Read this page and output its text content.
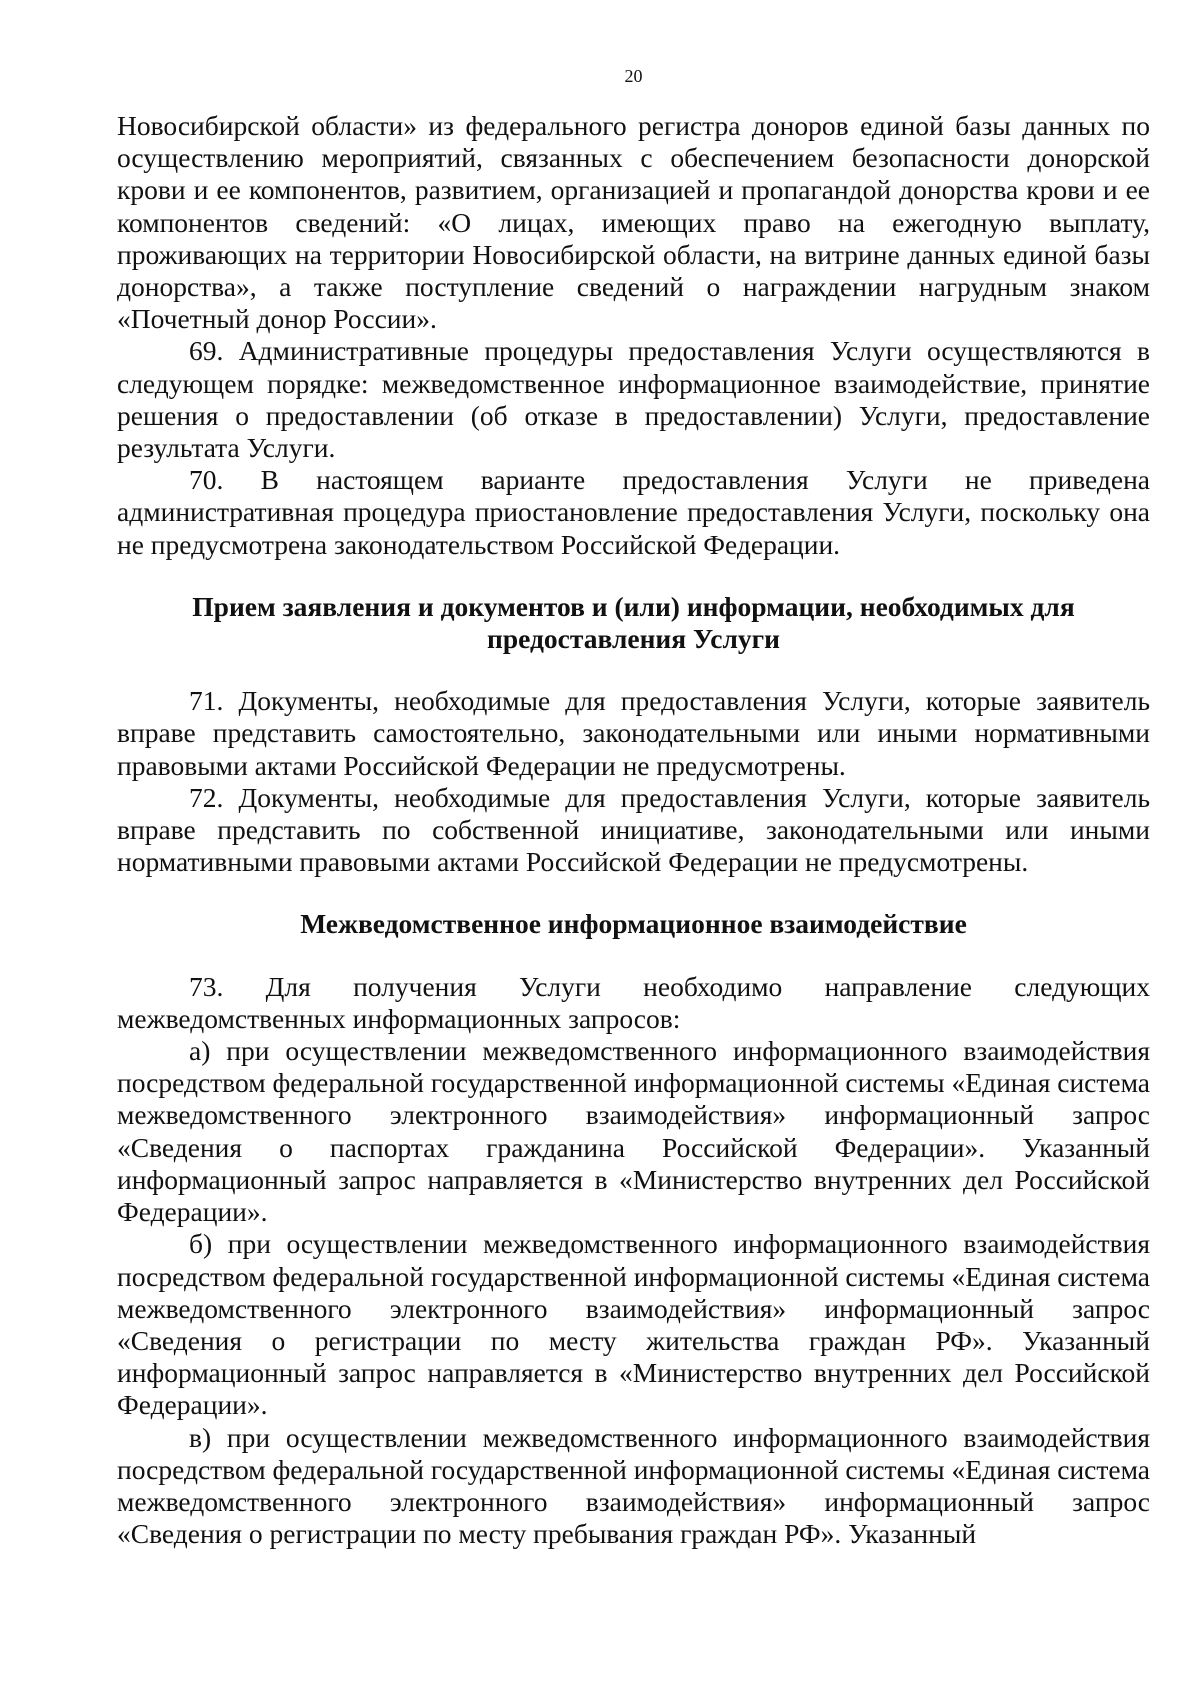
20

Новосибирской области» из федерального регистра доноров единой базы данных по осуществлению мероприятий, связанных с обеспечением безопасности донорской крови и ее компонентов, развитием, организацией и пропагандой донорства крови и ее компонентов сведений: «О лицах, имеющих право на ежегодную выплату, проживающих на территории Новосибирской области, на витрине данных единой базы донорства», а также поступление сведений о награждении нагрудным знаком «Почетный донор России».

69. Административные процедуры предоставления Услуги осуществляются в следующем порядке: межведомственное информационное взаимодействие, принятие решения о предоставлении (об отказе в предоставлении) Услуги, предоставление результата Услуги.

70. В настоящем варианте предоставления Услуги не приведена административная процедура приостановление предоставления Услуги, поскольку она не предусмотрена законодательством Российской Федерации.

Прием заявления и документов и (или) информации, необходимых для предоставления Услуги

71. Документы, необходимые для предоставления Услуги, которые заявитель вправе представить самостоятельно, законодательными или иными нормативными правовыми актами Российской Федерации не предусмотрены.

72. Документы, необходимые для предоставления Услуги, которые заявитель вправе представить по собственной инициативе, законодательными или иными нормативными правовыми актами Российской Федерации не предусмотрены.

Межведомственное информационное взаимодействие

73. Для получения Услуги необходимо направление следующих межведомственных информационных запросов:

а) при осуществлении межведомственного информационного взаимодействия посредством федеральной государственной информационной системы «Единая система межведомственного электронного взаимодействия» информационный запрос «Сведения о паспортах гражданина Российской Федерации». Указанный информационный запрос направляется в «Министерство внутренних дел Российской Федерации».

б) при осуществлении межведомственного информационного взаимодействия посредством федеральной государственной информационной системы «Единая система межведомственного электронного взаимодействия» информационный запрос «Сведения о регистрации по месту жительства граждан РФ». Указанный информационный запрос направляется в «Министерство внутренних дел Российской Федерации».

в) при осуществлении межведомственного информационного взаимодействия посредством федеральной государственной информационной системы «Единая система межведомственного электронного взаимодействия» информационный запрос «Сведения о регистрации по месту пребывания граждан РФ». Указанный
